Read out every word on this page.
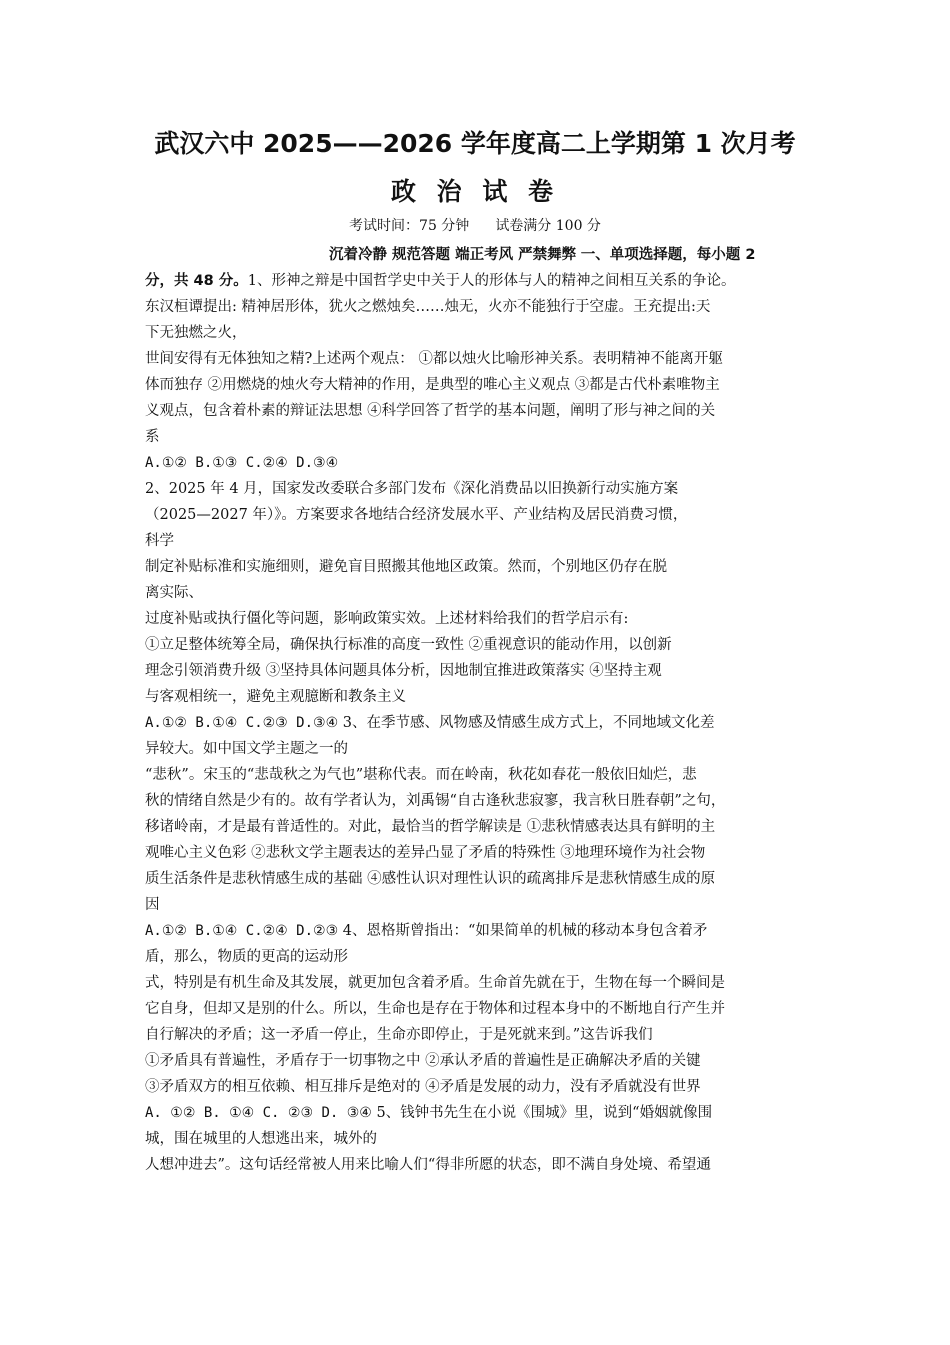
武汉六中 2025——2026 学年度高二上学期第 1 次月考
政 治 试 卷
考试时间：75 分钟 试卷满分 100 分
沉着冷静 规范答题 端正考风 严禁舞弊 一、单项选择题，每小题 2
分，共 48 分。1、形神之辩是中国哲学史中关于人的形体与人的精神之间相互关系的争论。
东汉桓谭提出: 精神居形体，犹火之燃烛矣……烛无，火亦不能独行于空虚。王充提出:天
下无独燃之火，
世间安得有无体独知之精?上述两个观点： ①都以烛火比喻形神关系。表明精神不能离开躯
体而独存 ②用燃烧的烛火夸大精神的作用，是典型的唯心主义观点 ③都是古代朴素唯物主
义观点，包含着朴素的辩证法思想 ④科学回答了哲学的基本问题，阐明了形与神之间的关
系
A.①② B.①③ C.②④ D.③④
2、2025 年 4 月，国家发改委联合多部门发布《深化消费品以旧换新行动实施方案
（2025—2027 年）》。方案要求各地结合经济发展水平、产业结构及居民消费习惯，
科学
制定补贴标准和实施细则，避免盲目照搬其他地区政策。然而，个别地区仍存在脱
离实际、
过度补贴或执行僵化等问题，影响政策实效。上述材料给我们的哲学启示有:
①立足整体统筹全局，确保执行标准的高度一致性 ②重视意识的能动作用，以创新
理念引领消费升级 ③坚持具体问题具体分析，因地制宜推进政策落实 ④坚持主观
与客观相统一，避免主观臆断和教条主义
A.①② B.①④ C.②③ D.③④ 3、在季节感、风物感及情感生成方式上，不同地域文化差
异较大。如中国文学主题之一的
“悲秋”。宋玉的“悲哉秋之为气也”堪称代表。而在岭南，秋花如春花一般依旧灿烂，悲
秋的情绪自然是少有的。故有学者认为，刘禹锡“自古逢秋悲寂寥，我言秋日胜春朝”之句，
移诸岭南，才是最有普适性的。对此，最恰当的哲学解读是 ①悲秋情感表达具有鲜明的主
观唯心主义色彩 ②悲秋文学主题表达的差异凸显了矛盾的特殊性 ③地理环境作为社会物
质生活条件是悲秋情感生成的基础 ④感性认识对理性认识的疏离排斥是悲秋情感生成的原
因
A.①② B.①④ C.②④ D.②③ 4、恩格斯曾指出：“如果简单的机械的移动本身包含着矛
盾，那么，物质的更高的运动形
式，特别是有机生命及其发展，就更加包含着矛盾。生命首先就在于，生物在每一个瞬间是
它自身，但却又是别的什么。所以，生命也是存在于物体和过程本身中的不断地自行产生并
自行解决的矛盾；这一矛盾一停止，生命亦即停止，于是死就来到。”这告诉我们
①矛盾具有普遍性，矛盾存于一切事物之中 ②承认矛盾的普遍性是正确解决矛盾的关键
③矛盾双方的相互依赖、相互排斥是绝对的 ④矛盾是发展的动力，没有矛盾就没有世界
A. ①② B. ①④ C. ②③ D. ③④ 5、钱钟书先生在小说《围城》里，说到“婚姻就像围
城，围在城里的人想逃出来，城外的
人想冲进去”。这句话经常被人用来比喻人们“得非所愿的状态，即不满自身处境、希望通
